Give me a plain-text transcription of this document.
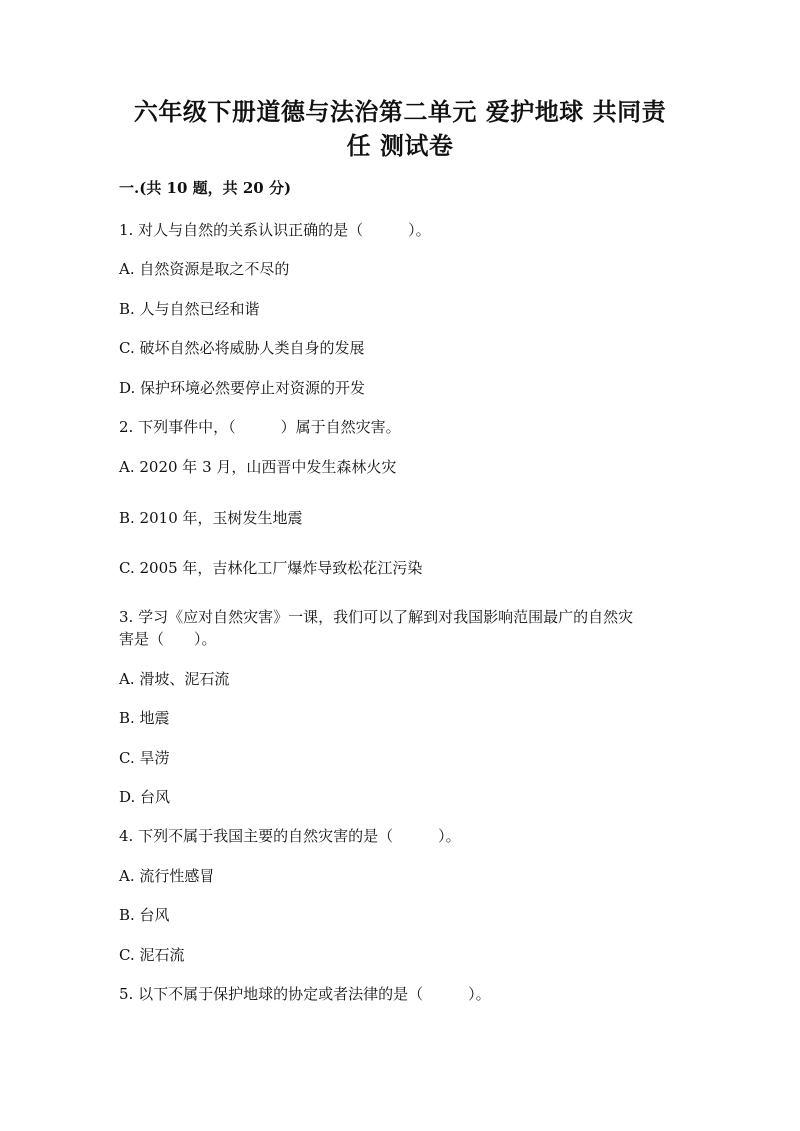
六年级下册道德与法治第二单元 爱护地球 共同责
任 测试卷
一.(共 10 题，共 20 分)
1. 对人与自然的关系认识正确的是（　　　）。
A. 自然资源是取之不尽的
B. 人与自然已经和谐
C. 破坏自然必将威胁人类自身的发展
D. 保护环境必然要停止对资源的开发
2. 下列事件中，（　　　）属于自然灾害。
A. 2020 年 3 月，山西晋中发生森林火灾
B. 2010 年，玉树发生地震
C. 2005 年，吉林化工厂爆炸导致松花江污染
3. 学习《应对自然灾害》一课，我们可以了解到对我国影响范围最广的自然灾
害是（　　）。
A. 滑坡、泥石流
B. 地震
C. 旱涝
D. 台风
4. 下列不属于我国主要的自然灾害的是（　　　）。
A. 流行性感冒
B. 台风
C. 泥石流
5. 以下不属于保护地球的协定或者法律的是（　　　）。
